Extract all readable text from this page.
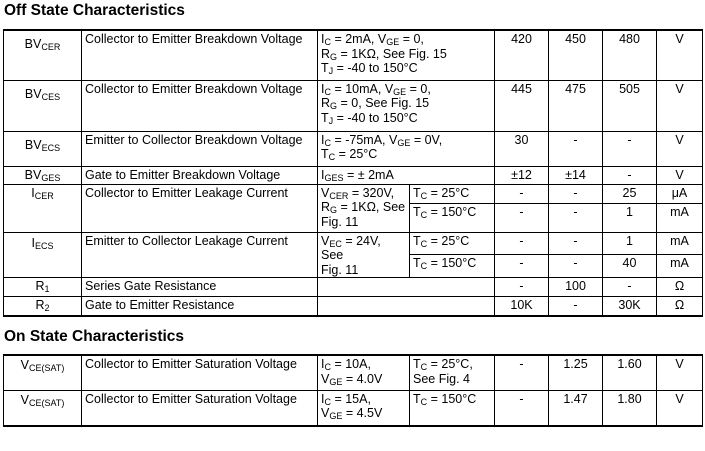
Off State Characteristics
$BV_{CER}$	Collector to Emitter Breakdown Voltage	$I_C = 2mA$, $V_{GE} = 0$,
$R_G = 1K\Omega$, See Fig. 15
$T_J = -40$ to 150°C		420	450	480	V
$BV_{CES}$	Collector to Emitter Breakdown Voltage	$I_C = 10mA$, $V_{GE} = 0$,
$R_G = 0$, See Fig. 15
$T_J = -40$ to 150°C		445	475	505	V
$BV_{ECS}$	Emitter to Collector Breakdown Voltage	$I_C = -75mA$, $V_{GE} = 0V$,
$T_C = 25^\circ C$		30	-	-	V
$BV_{GES}$	Gate to Emitter Breakdown Voltage	$I_{GES}$ = ± 2mA		±12	±14	-	V
$I_{CER}$	Collector to Emitter Leakage Current	$V_{CER} = 320V$,
$R_G = 1K\Omega$, See
Fig. 11	$T_C = 25^\circ C$	-	-	25	μA
			$T_C = 150^\circ C$	-	-	1	mA
$I_{ECS}$	Emitter to Collector Leakage Current	$V_{EC} = 24V$, See
Fig. 11	$T_C = 25^\circ C$	-	-	1	mA
			$T_C = 150^\circ C$	-	-	40	mA
$R_1$	Series Gate Resistance			-	100	-	Ω
$R_2$	Gate to Emitter Resistance			10K	-	30K	Ω
On State Characteristics
$V_{CE(SAT)}$	Collector to Emitter Saturation Voltage	$I_C = 10A$,
$V_{GE} = 4.0V$	$T_C = 25^\circ C$,
See Fig. 4	-	1.25	1.60	V
$V_{CE(SAT)}$	Collector to Emitter Saturation Voltage	$I_C = 15A$,
$V_{GE} = 4.5V$	$T_C = 150^\circ C$	-	1.47	1.80	V
